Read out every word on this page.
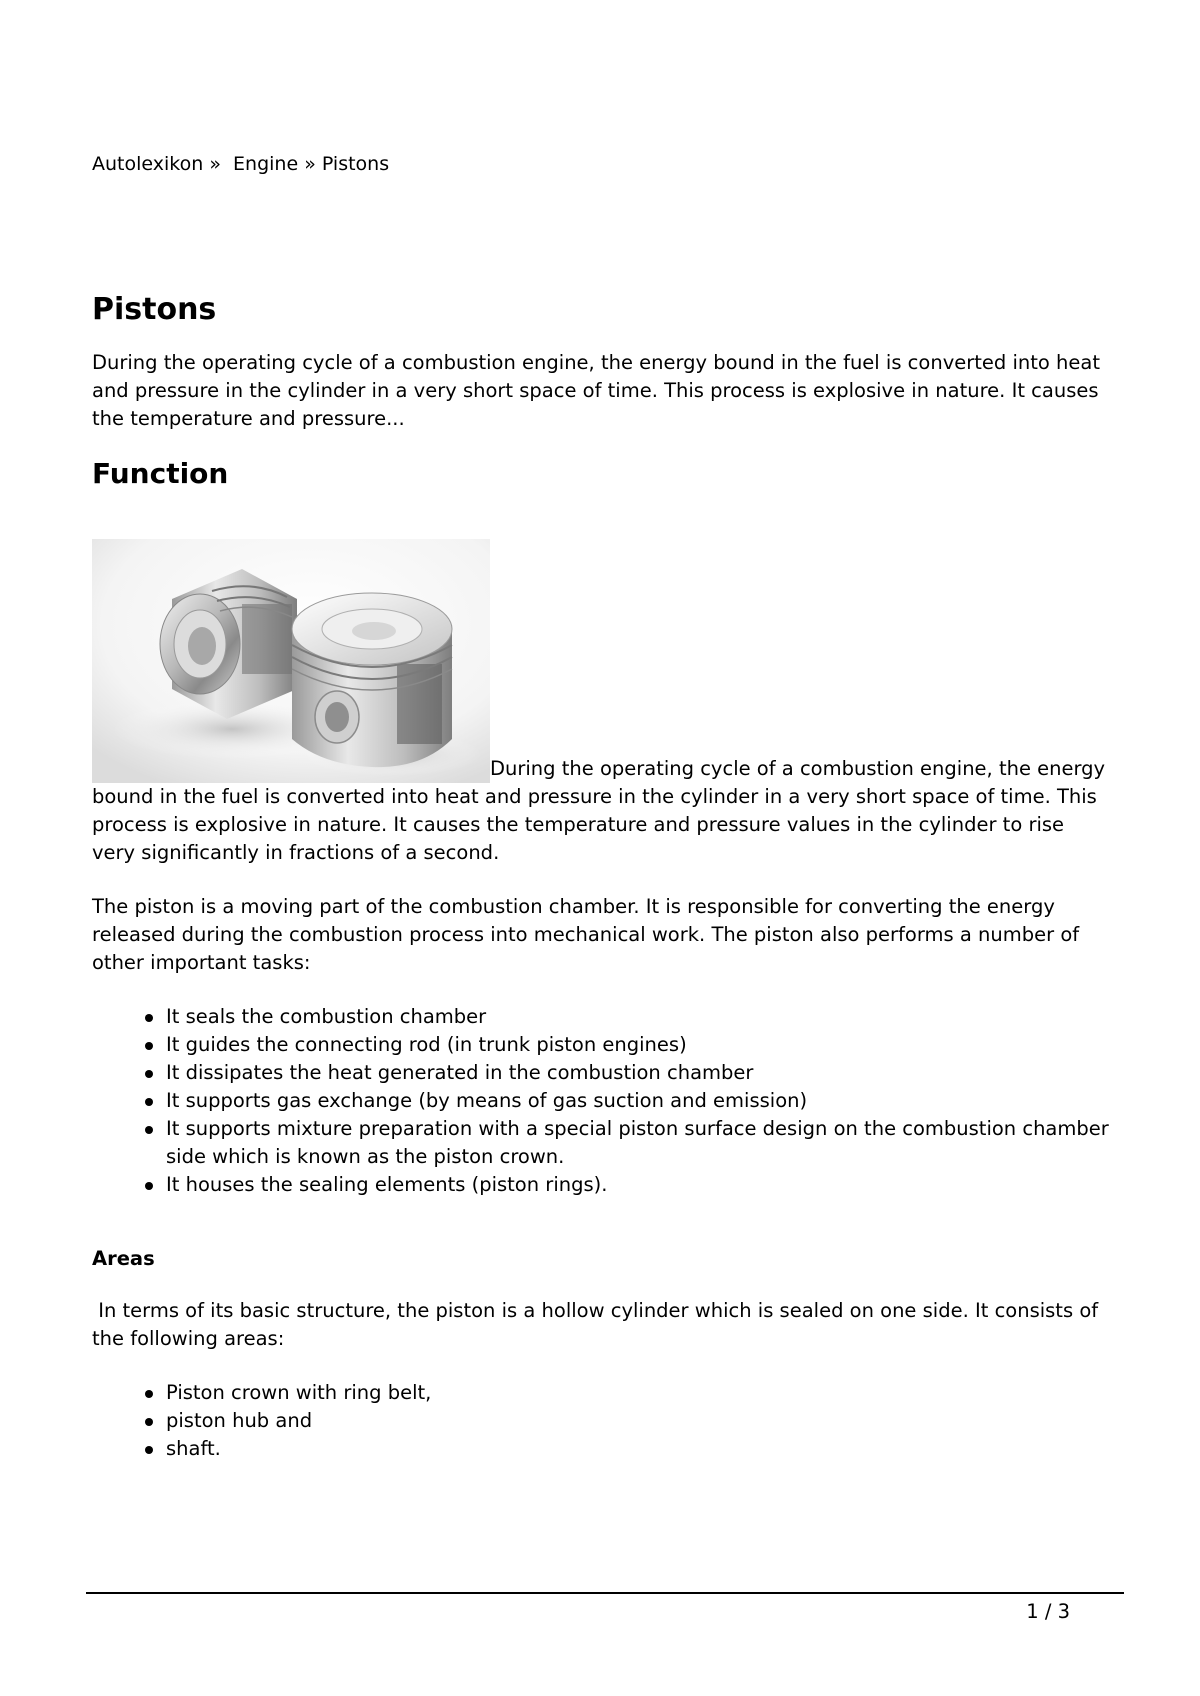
Autolexikon » Engine » Pistons
Pistons

During the operating cycle of a combustion engine, the energy bound in the fuel is converted into heat and pressure in the cylinder in a very short space of time. This process is explosive in nature. It causes the temperature and pressure...

Function

During the operating cycle of a combustion engine, the energy bound in the fuel is converted into heat and pressure in the cylinder in a very short space of time. This process is explosive in nature. It causes the temperature and pressure values in the cylinder to rise very significantly in fractions of a second.

The piston is a moving part of the combustion chamber. It is responsible for converting the energy released during the combustion process into mechanical work. The piston also performs a number of other important tasks:

It seals the combustion chamber
It guides the connecting rod (in trunk piston engines)
It dissipates the heat generated in the combustion chamber
It supports gas exchange (by means of gas suction and emission)
It supports mixture preparation with a special piston surface design on the combustion chamber side which is known as the piston crown.
It houses the sealing elements (piston rings).
Areas

In terms of its basic structure, the piston is a hollow cylinder which is sealed on one side. It consists of the following areas:

Piston crown with ring belt,
piston hub and
shaft.
1 / 3
